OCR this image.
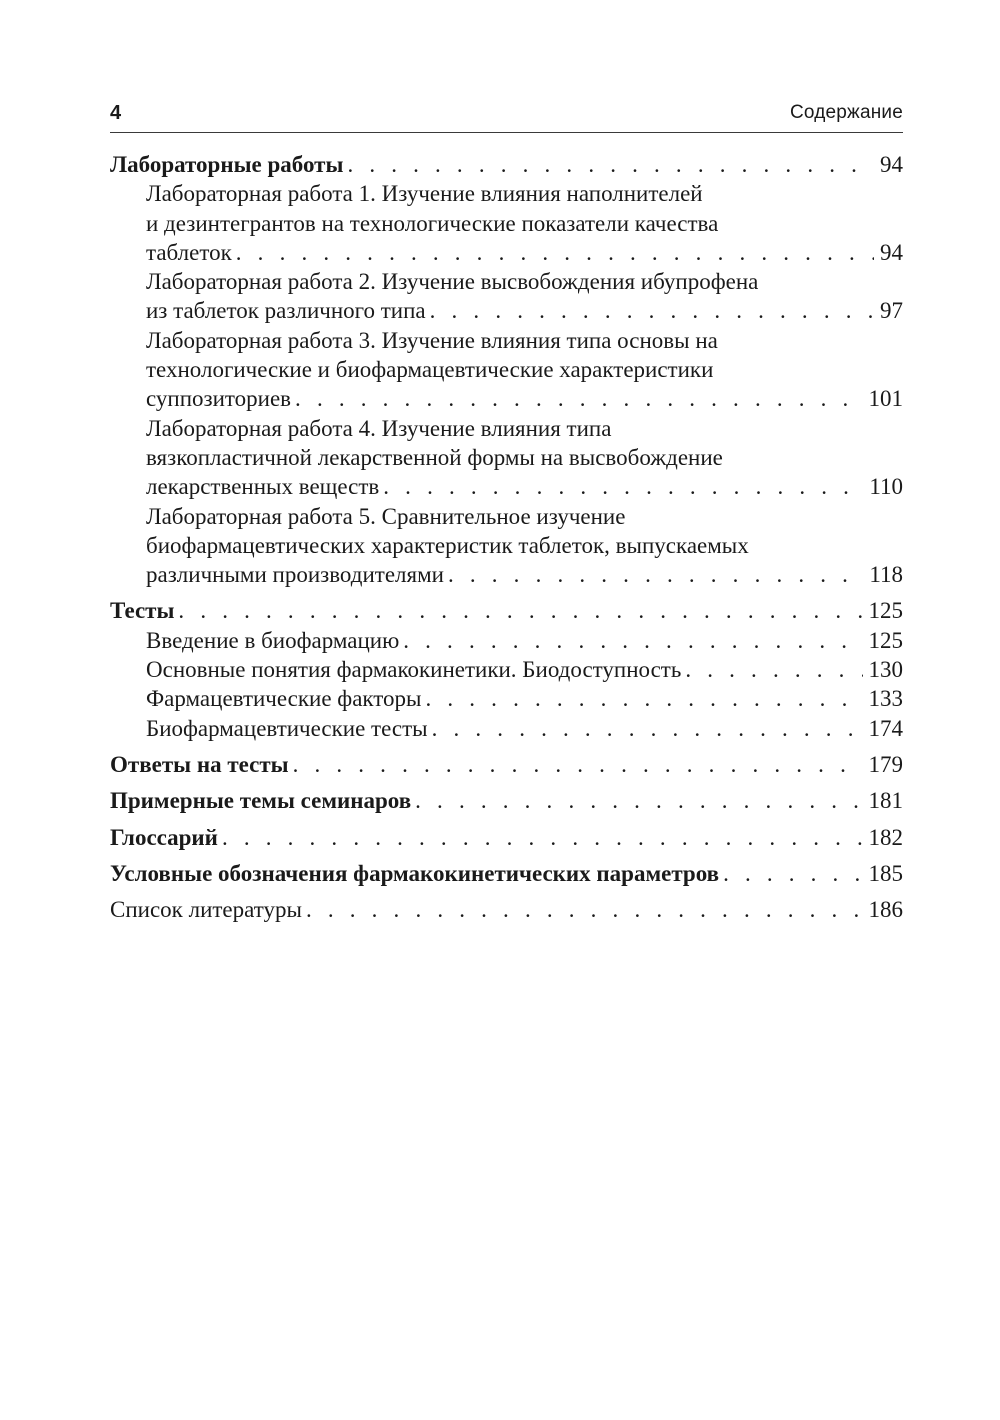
4	Содержание
Лабораторные работы . . .	94
Лабораторная работа 1. Изучение влияния наполнителей
и дезинтегрантов на технологические показатели качества
таблеток . . .	94
Лабораторная работа 2. Изучение высвобождения ибупрофена
из таблеток различного типа . . .	97
Лабораторная работа 3. Изучение влияния типа основы на
технологические и биофармацевтические характеристики
суппозиториев . . .	101
Лабораторная работа 4. Изучение влияния типа
вязкопластичной лекарственной формы на высвобождение
лекарственных веществ . . .	110
Лабораторная работа 5. Сравнительное изучение
биофармацевтических характеристик таблеток, выпускаемых
различными производителями . . .	118
Тесты . . .	125
Введение в биофармацию . . .	125
Основные понятия фармакокинетики. Биодоступность . . .	130
Фармацевтические факторы . . .	133
Биофармацевтические тесты . . .	174
Ответы на тесты . . .	179
Примерные темы семинаров . . .	181
Глоссарий . . .	182
Условные обозначения фармакокинетических параметров . . .	185
Список литературы . . .	186
